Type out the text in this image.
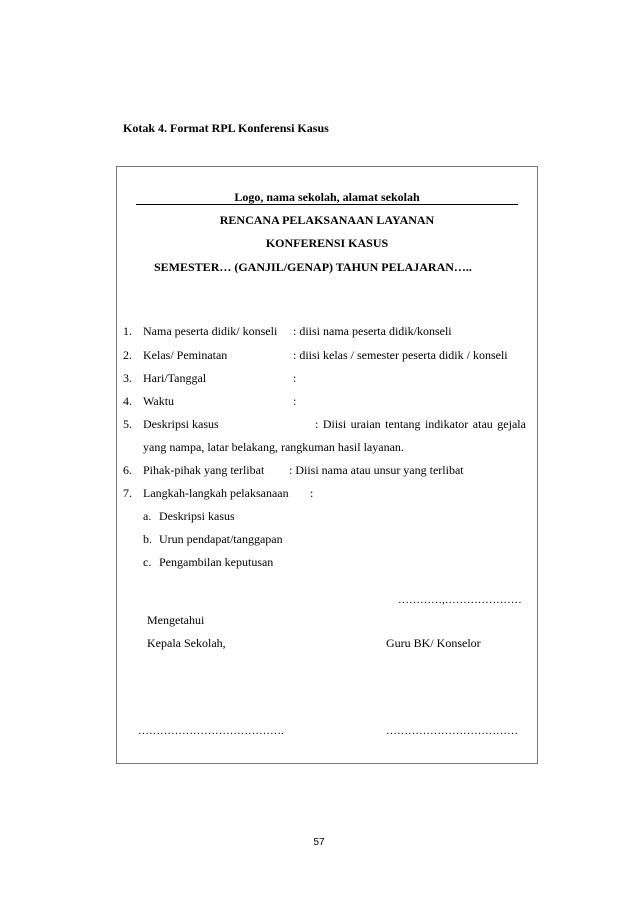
Kotak 4. Format RPL Konferensi Kasus
Logo, nama sekolah, alamat sekolah
RENCANA PELAKSANAAN LAYANAN
KONFERENSI KASUS
SEMESTER… (GANJIL/GENAP) TAHUN PELAJARAN…..
1. Nama peserta didik/ konseli : diisi nama peserta didik/konseli
2. Kelas/ Peminatan	: diisi kelas / semester peserta didik / konseli
3. Hari/Tanggal	:
4. Waktu	:
5. Deskripsi kasus	: Diisi uraian tentang indikator atau gejala
yang nampa, latar belakang, rangkuman hasil layanan.
6. Pihak-pihak yang terlibat : Diisi nama atau unsur yang terlibat
7. Langkah-langkah pelaksanaan :
a. Deskripsi kasus
b. Urun pendapat/tanggapan
c. Pengambilan keputusan
…………,…………………
Mengetahui
Kepala Sekolah,	Guru BK/ Konselor
………………………………….	………………………………
57
